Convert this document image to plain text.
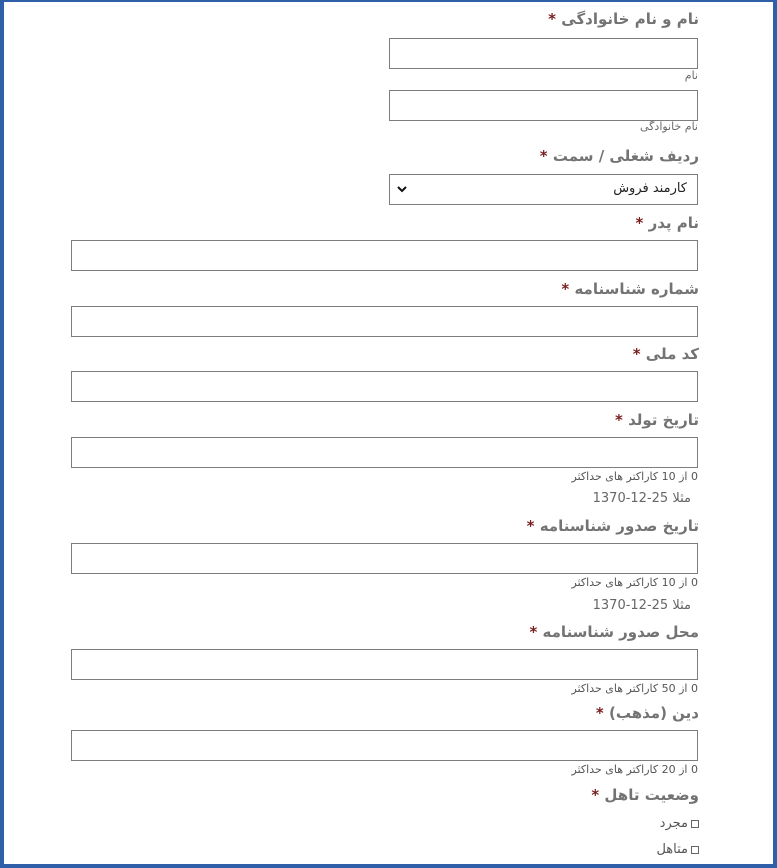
نام و نام خانوادگی *
نام
نام خانوادگی
ردیف شغلی / سمت *
کارمند فروش
نام پدر *
شماره شناسنامه *
کد ملی *
تاریخ تولد *
0 از 10 کاراکتر های حداکثر
مثلا 1370-12-25
تاریخ صدور شناسنامه *
0 از 10 کاراکتر های حداکثر
مثلا 1370-12-25
محل صدور شناسنامه *
0 از 50 کاراکتر های حداکثر
دین (مذهب) *
0 از 20 کاراکتر های حداکثر
وضعیت تاهل *
مجرد
متاهل
